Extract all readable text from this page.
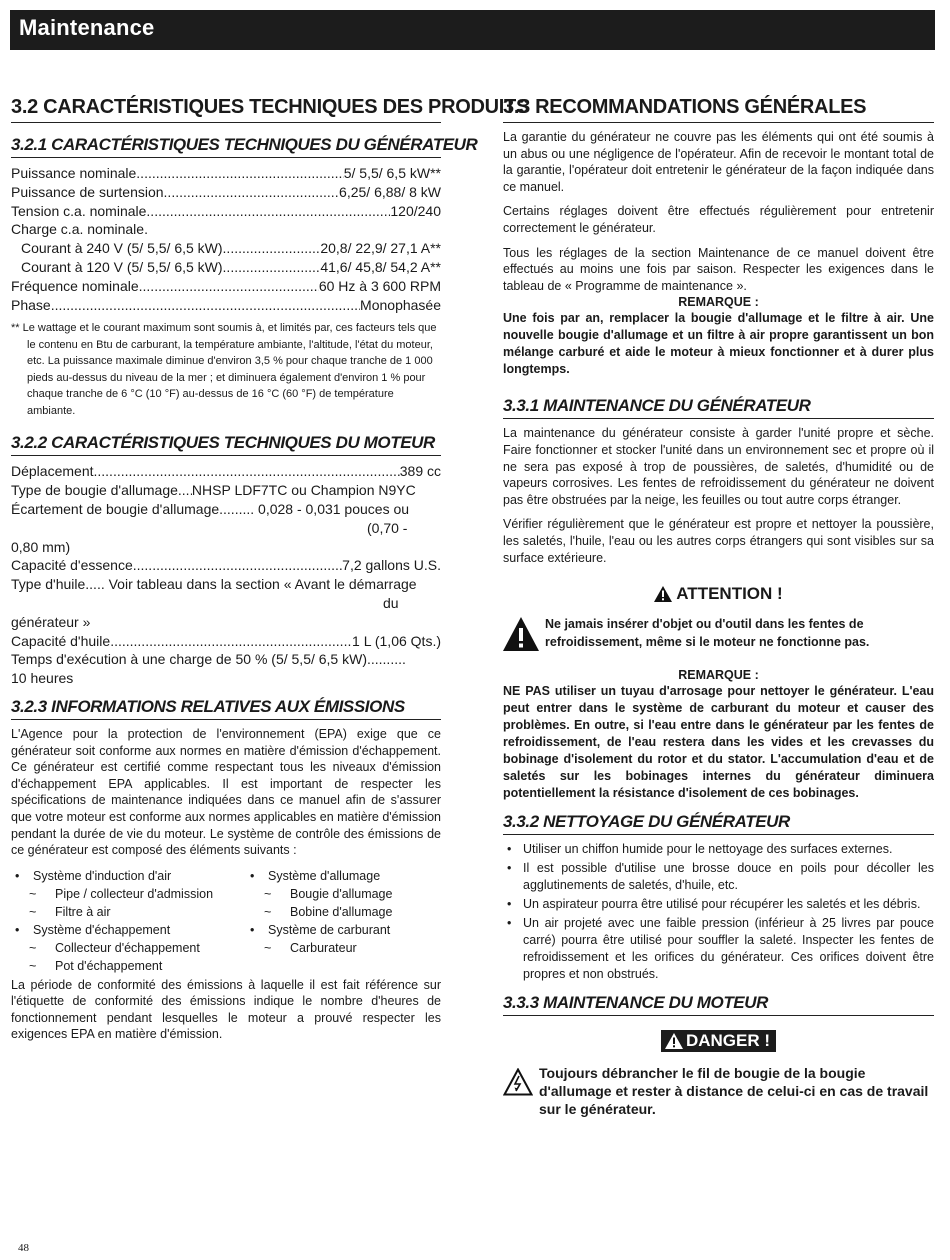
Maintenance
3.2 CARACTÉRISTIQUES TECHNIQUES DES PRODUITS
3.2.1 CARACTÉRISTIQUES TECHNIQUES DU GÉNÉRATEUR
Puissance nominale .....	5/ 5,5/ 6,5 kW**
Puissance de surtension .....	6,25/ 6,88/ 8 kW
Tension c.a. nominale .....	120/240
Charge c.a. nominale.
Courant à 240 V (5/ 5,5/ 6,5 kW) .....	20,8/ 22,9/ 27,1 A**
Courant à 120 V (5/ 5,5/ 6,5 kW) .....	41,6/ 45,8/ 54,2 A**
Fréquence nominale .....	60 Hz à 3 600 RPM
Phase .....	Monophasée
** Le wattage et le courant maximum sont soumis à, et limités par, ces facteurs tels que le contenu en Btu de carburant, la température ambiante, l'altitude, l'état du moteur, etc. La puissance maximale diminue d'environ 3,5 % pour chaque tranche de 1 000 pieds au-dessus du niveau de la mer ; et diminuera également d'environ 1 % pour chaque tranche de 6 °C (10 °F) au-dessus de 16 °C (60 °F) de température ambiante.
3.2.2 CARACTÉRISTIQUES TECHNIQUES DU MOTEUR
Déplacement .....	389 cc
Type de bougie d'allumage ..... NHSP LDF7TC ou Champion N9YC
Écartement de bougie d'allumage......... 0,028 - 0,031 pouces ou
(0,70 -
0,80 mm)
Capacité d'essence .....	7,2 gallons U.S.
Type d'huile..... Voir tableau dans la section « Avant le démarrage
du
générateur »
Capacité d'huile .....	1 L (1,06 Qts.)
Temps d'exécution à une charge de 50 % (5/ 5,5/ 6,5 kW)..........
10 heures
3.2.3 INFORMATIONS RELATIVES AUX ÉMISSIONS

L'Agence pour la protection de l'environnement (EPA) exige que ce générateur soit conforme aux normes en matière d'émission d'échappement. Ce générateur est certifié comme respectant tous les niveaux d'émission d'échappement EPA applicables. Il est important de respecter les spécifications de maintenance indiquées dans ce manuel afin de s'assurer que votre moteur est conforme aux normes applicables en matière d'émission pendant la durée de vie du moteur. Le système de contrôle des émissions de ce générateur est composé des éléments suivants :

•	Système d'induction d'air
~	Pipe / collecteur d'admission
~	Filtre à air
•	Système d'échappement
~	Collecteur d'échappement
~	Pot d'échappement
•	Système d'allumage
~	Bougie d'allumage
~	Bobine d'allumage
•	Système de carburant
~	Carburateur

La période de conformité des émissions à laquelle il est fait référence sur l'étiquette de conformité des émissions indique le nombre d'heures de fonctionnement pendant lesquelles le moteur a prouvé respecter les exigences EPA en matière d'émission.

3.3 RECOMMANDATIONS GÉNÉRALES

La garantie du générateur ne couvre pas les éléments qui ont été soumis à un abus ou une négligence de l'opérateur. Afin de recevoir le montant total de la garantie, l'opérateur doit entretenir le générateur de la façon indiquée dans ce manuel.

Certains réglages doivent être effectués régulièrement pour entretenir correctement le générateur.

Tous les réglages de la section Maintenance de ce manuel doivent être effectués au moins une fois par saison. Respecter les exigences dans le tableau de « Programme de maintenance ».

REMARQUE :

Une fois par an, remplacer la bougie d'allumage et le filtre à air. Une nouvelle bougie d'allumage et un filtre à air propre garantissent un bon mélange carburé et aide le moteur à mieux fonctionner et à durer plus longtemps.

3.3.1 MAINTENANCE DU GÉNÉRATEUR

La maintenance du générateur consiste à garder l'unité propre et sèche. Faire fonctionner et stocker l'unité dans un environnement sec et propre où il ne sera pas exposé à trop de poussières, de saletés, d'humidité ou de vapeurs corrosives. Les fentes de refroidissement du générateur ne doivent pas être obstruées par la neige, les feuilles ou tout autre corps étranger.

Vérifier régulièrement que le générateur est propre et nettoyer la poussière, les saletés, l'huile, l'eau ou les autres corps étrangers qui sont visibles sur sa surface extérieure.

ATTENTION !
Ne jamais insérer d'objet ou d'outil dans les fentes de refroidissement, même si le moteur ne fonctionne pas.
REMARQUE :

NE PAS utiliser un tuyau d'arrosage pour nettoyer le générateur. L'eau peut entrer dans le système de carburant du moteur et causer des problèmes. En outre, si l'eau entre dans le générateur par les fentes de refroidissement, de l'eau restera dans les vides et les crevasses du bobinage d'isolement du rotor et du stator. L'accumulation d'eau et de saletés sur les bobinages internes du générateur diminuera potentiellement la résistance d'isolement de ces bobinages.

3.3.2 NETTOYAGE DU GÉNÉRATEUR
• Utiliser un chiffon humide pour le nettoyage des surfaces externes.
• Il est possible d'utilise une brosse douce en poils pour décoller les agglutinements de saletés, d'huile, etc.
• Un aspirateur pourra être utilisé pour récupérer les saletés et les débris.
• Un air projeté avec une faible pression (inférieur à 25 livres par pouce carré) pourra être utilisé pour souffler la saleté. Inspecter les fentes de refroidissement et les orifices du générateur. Ces orifices doivent être propres et non obstrués.
3.3.3 MAINTENANCE DU MOTEUR
DANGER !
Toujours débrancher le fil de bougie de la bougie d'allumage et rester à distance de celui-ci en cas de travail sur le générateur.
48
